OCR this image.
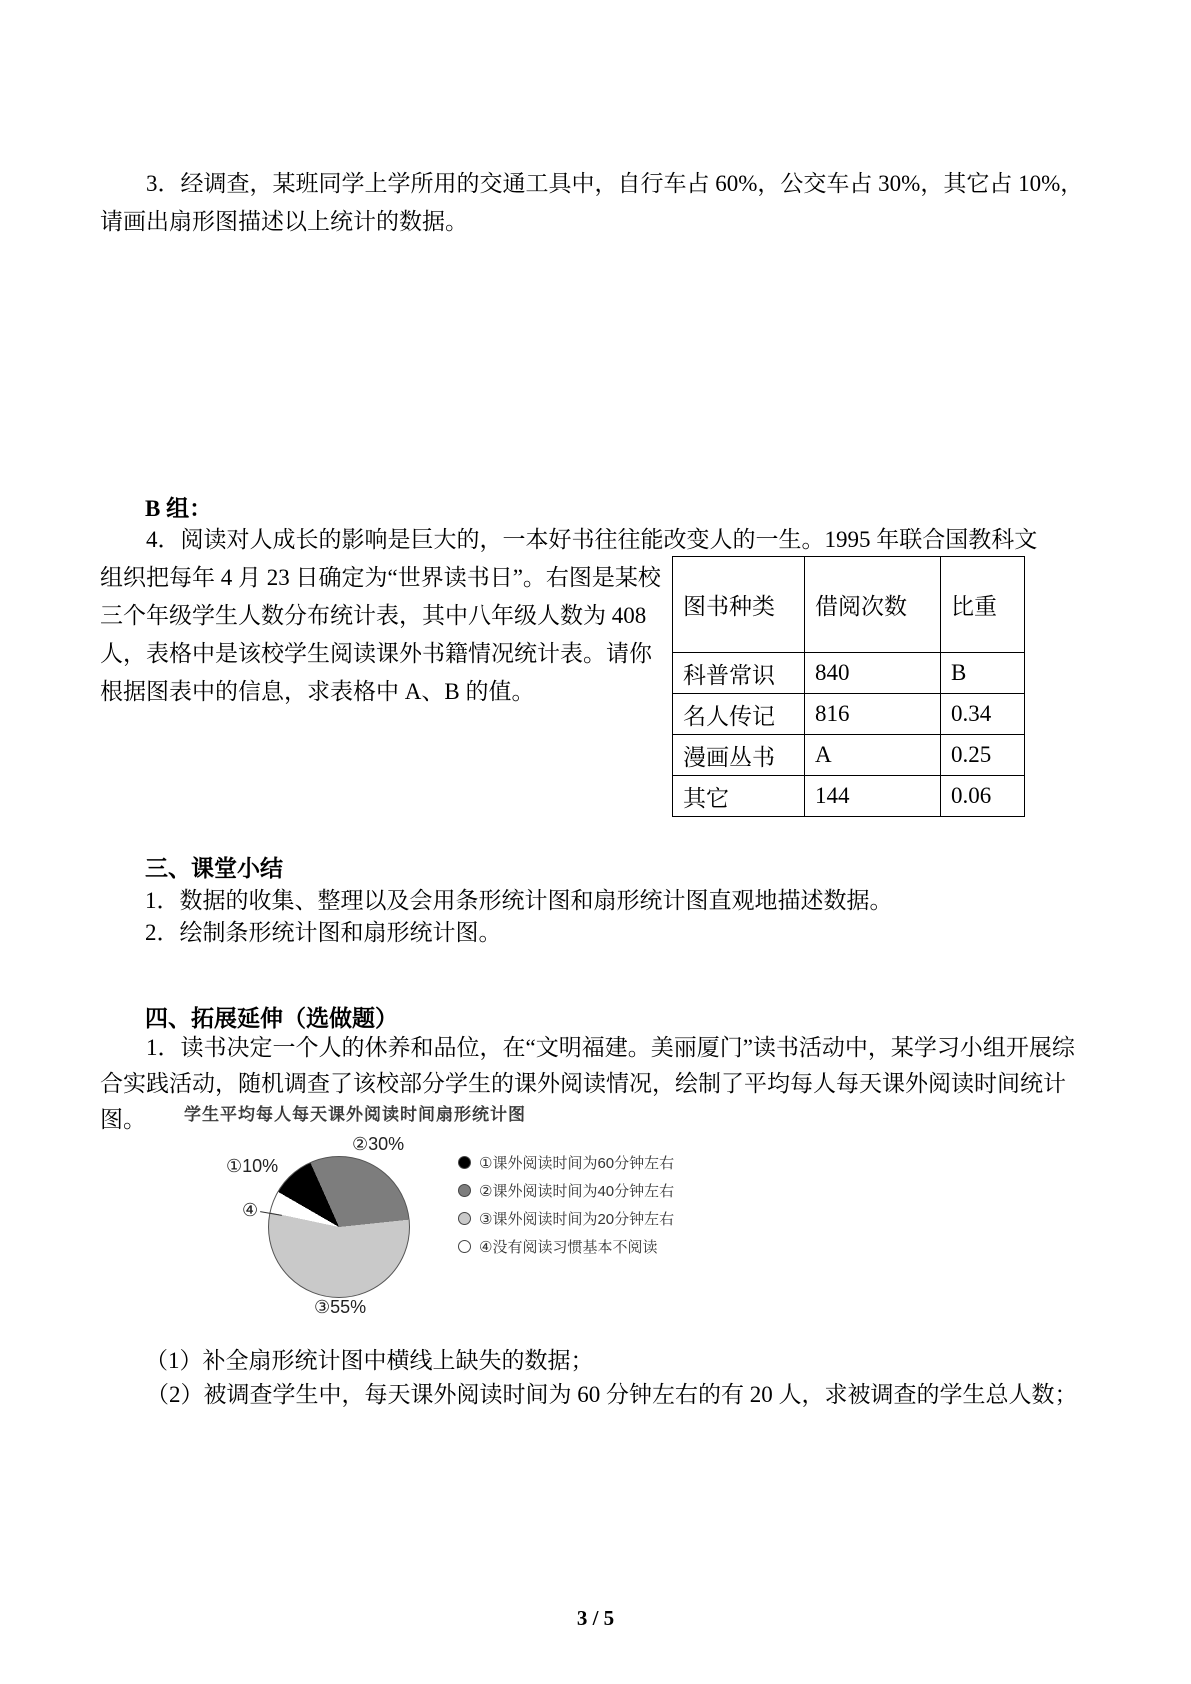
3．经调查，某班同学上学所用的交通工具中，自行车占 60%，公交车占 30%，其它占 10%，请画出扇形图描述以上统计的数据。

B 组：

4．阅读对人成长的影响是巨大的，一本好书往往能改变人的一生。1995 年联合国教科文

组织把每年 4 月 23 日确定为“世界读书日”。右图是某校三个年级学生人数分布统计表，其中八年级人数为 408 人，表格中是该校学生阅读课外书籍情况统计表。请你根据图表中的信息，求表格中 A、B 的值。

图书种类	借阅次数	比重
科普常识	840	B
名人传记	816	0.34
漫画丛书	A	0.25
其它	144	0.06

三、课堂小结

1．数据的收集、整理以及会用条形统计图和扇形统计图直观地描述数据。

2．绘制条形统计图和扇形统计图。

四、拓展延伸（选做题）

1．读书决定一个人的休养和品位，在“文明福建。美丽厦门”读书活动中，某学习小组开展综合实践活动，随机调查了该校部分学生的课外阅读情况，绘制了平均每人每天课外阅读时间统计图。	学生平均每人每天课外阅读时间扇形统计图
②30%
①10%
④
③55%
①课外阅读时间为60分钟左右
②课外阅读时间为40分钟左右
③课外阅读时间为20分钟左右
④没有阅读习惯基本不阅读

（1）补全扇形统计图中横线上缺失的数据；

（2）被调查学生中，每天课外阅读时间为 60 分钟左右的有 20 人，求被调查的学生总人数；

3 / 5
